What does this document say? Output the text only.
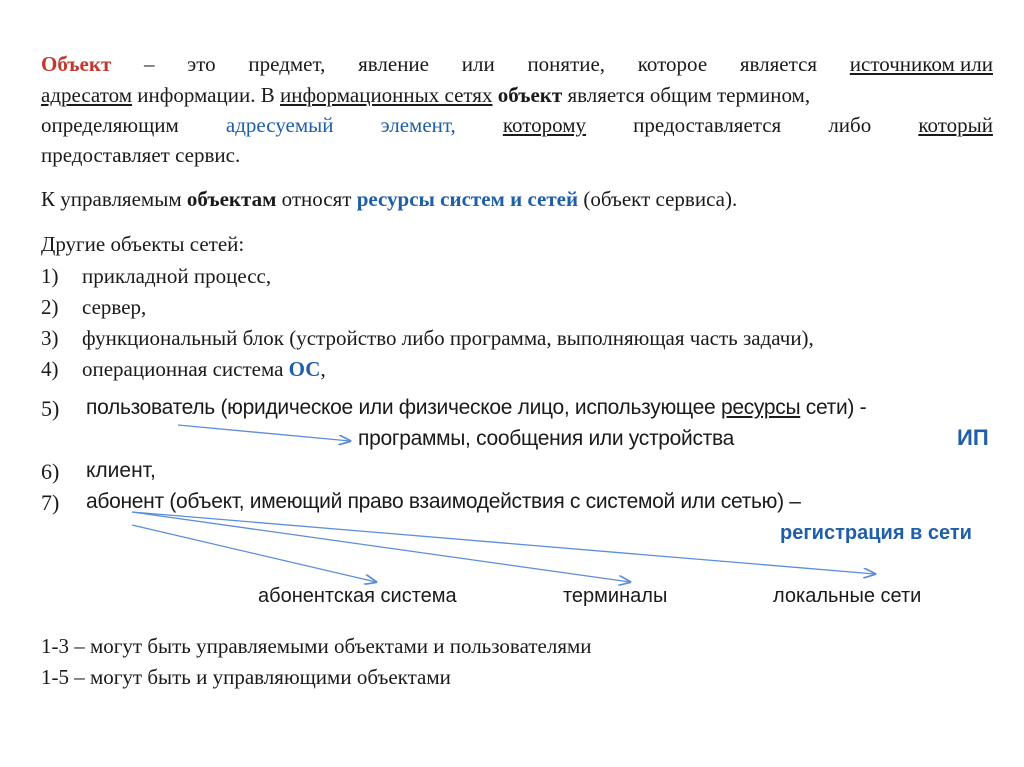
Объект – это предмет, явление или понятие, которое является источником или
адресатом информации. В информационных сетях объект является общим термином,
определяющим адресуемый элемент, которому предоставляется либо который
предоставляет сервис.
К управляемым объектам относят ресурсы систем и сетей (объект сервиса).
Другие объекты сетей:
1) прикладной процесс,
2) сервер,
3) функциональный блок (устройство либо программа, выполняющая часть задачи),
4) операционная система ОС,
5) пользователь (юридическое или физическое лицо, использующее ресурсы сети) -
программы, сообщения или устройства	ИП
6) клиент,
7) абонент (объект, имеющий право взаимодействия с системой или сетью) –
регистрация в сети
абонентская система	терминалы	локальные сети
1-3 – могут быть управляемыми объектами и пользователями
1-5 – могут быть и управляющими объектами
